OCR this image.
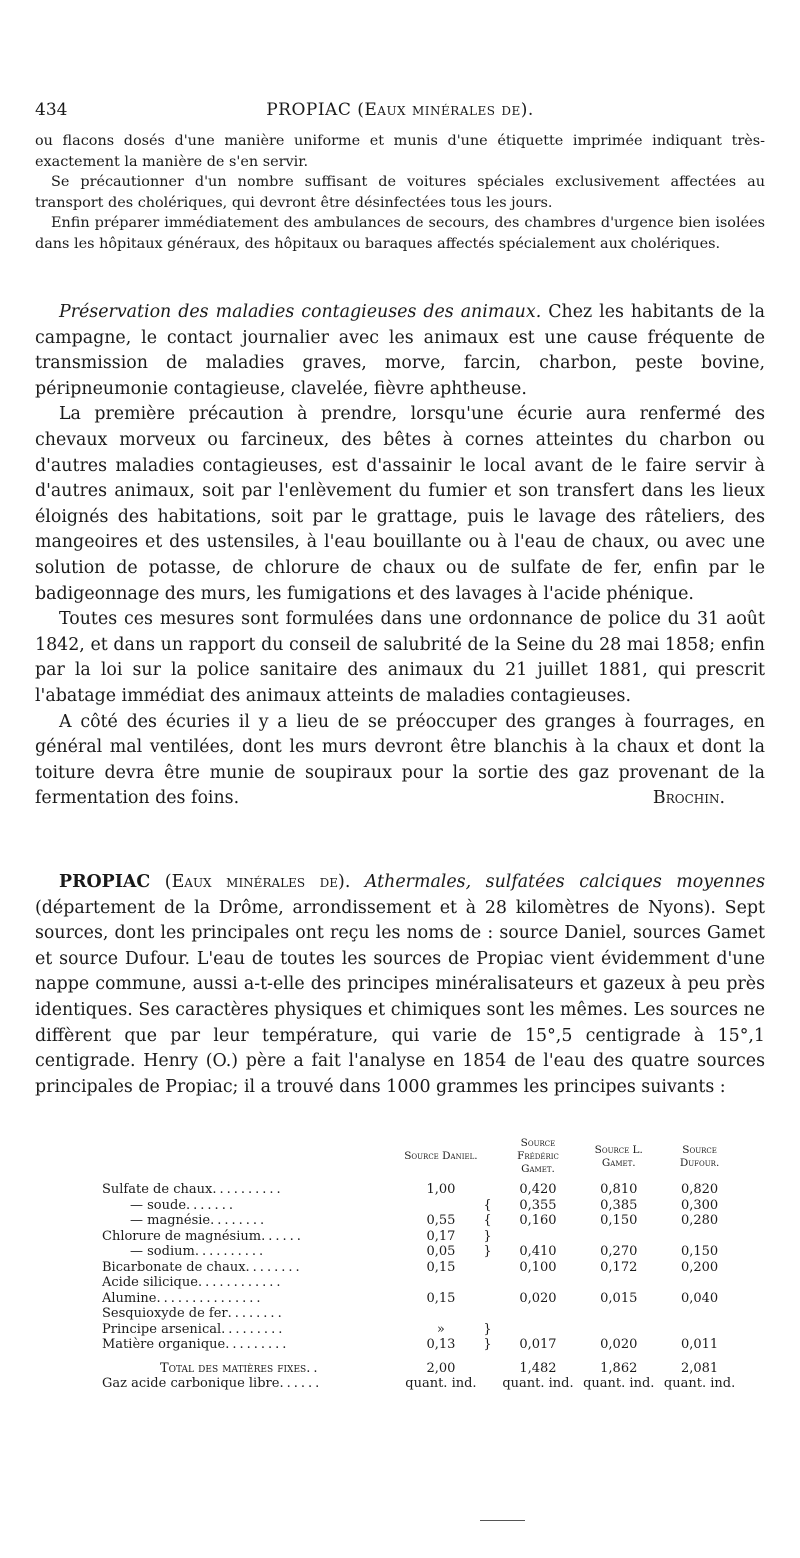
434	PROPIAC (Eaux minérales de).

ou flacons dosés d'une manière uniforme et munis d'une étiquette imprimée indiquant très-exactement la manière de s'en servir.

Se précautionner d'un nombre suffisant de voitures spéciales exclusivement affectées au transport des cholériques, qui devront être désinfectées tous les jours.

Enfin préparer immédiatement des ambulances de secours, des chambres d'urgence bien isolées dans les hôpitaux généraux, des hôpitaux ou baraques affectés spécialement aux cholériques.

Préservation des maladies contagieuses des animaux. Chez les habitants de la campagne, le contact journalier avec les animaux est une cause fréquente de transmission de maladies graves, morve, farcin, charbon, peste bovine, péripneumonie contagieuse, clavelée, fièvre aphtheuse.

La première précaution à prendre, lorsqu'une écurie aura renfermé des chevaux morveux ou farcineux, des bêtes à cornes atteintes du charbon ou d'autres maladies contagieuses, est d'assainir le local avant de le faire servir à d'autres animaux, soit par l'enlèvement du fumier et son transfert dans les lieux éloignés des habitations, soit par le grattage, puis le lavage des râteliers, des mangeoires et des ustensiles, à l'eau bouillante ou à l'eau de chaux, ou avec une solution de potasse, de chlorure de chaux ou de sulfate de fer, enfin par le badigeonnage des murs, les fumigations et des lavages à l'acide phénique.

Toutes ces mesures sont formulées dans une ordonnance de police du 31 août 1842, et dans un rapport du conseil de salubrité de la Seine du 28 mai 1858; enfin par la loi sur la police sanitaire des animaux du 21 juillet 1881, qui prescrit l'abatage immédiat des animaux atteints de maladies contagieuses.

A côté des écuries il y a lieu de se préoccuper des granges à fourrages, en général mal ventilées, dont les murs devront être blanchis à la chaux et dont la toiture devra être munie de soupiraux pour la sortie des gaz provenant de la fermentation des foins.	Brochin.

PROPIAC (Eaux minérales de). Athermales, sulfatées calciques moyennes (département de la Drôme, arrondissement et à 28 kilomètres de Nyons). Sept sources, dont les principales ont reçu les noms de : source Daniel, sources Gamet et source Dufour. L'eau de toutes les sources de Propiac vient évidemment d'une nappe commune, aussi a-t-elle des principes minéralisateurs et gazeux à peu près identiques. Ses caractères physiques et chimiques sont les mêmes. Les sources ne diffèrent que par leur température, qui varie de 15°,5 centigrade à 15°,1 centigrade. Henry (O.) père a fait l'analyse en 1854 de l'eau des quatre sources principales de Propiac; il a trouvé dans 1000 grammes les principes suivants :

	Source Daniel.		Source Frédéric Gamet.	Source L. Gamet.	Source Dufour.
Sulfate de chaux..........	1,00		0,420	0,810	0,820
— soude.......		{	0,355	0,385	0,300
— magnésie........	0,55	{	0,160	0,150	0,280
Chlorure de magnésium......	0,17	}			
— sodium..........	0,05	}	0,410	0,270	0,150
Bicarbonate de chaux........	0,15		0,100	0,172	0,200
Acide silicique............					
Alumine...............	0,15		0,020	0,015	0,040
Sesquioxyde de fer........					
Principe arsenical.........	»	}			
Matière organique.........	0,13	}	0,017	0,020	0,011
Total des matières fixes..	2,00		1,482	1,862	2,081
Gaz acide carbonique libre......	quant. ind.		quant. ind.	quant. ind.	quant. ind.
